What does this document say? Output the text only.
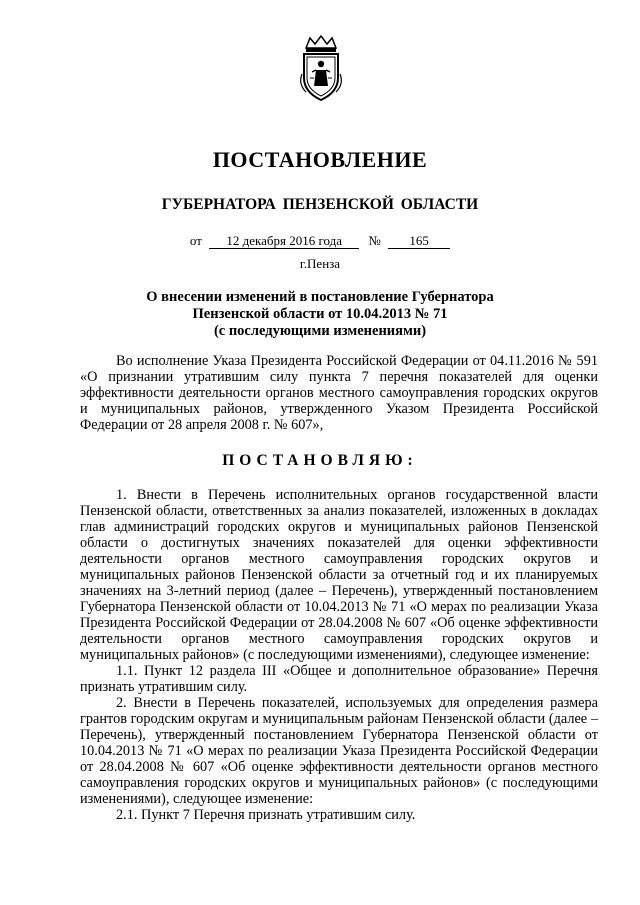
ПОСТАНОВЛЕНИЕ
ГУБЕРНАТОРА ПЕНЗЕНСКОЙ ОБЛАСТИ
от 12 декабря 2016 года № 165
г.Пенза
О внесении изменений в постановление Губернатора
Пензенской области от 10.04.2013 № 71
(с последующими изменениями)

Во исполнение Указа Президента Российской Федерации от 04.11.2016 № 591 «О признании утратившим силу пункта 7 перечня показателей для оценки эффективности деятельности органов местного самоуправления городских округов и муниципальных районов, утвержденного Указом Президента Российской Федерации от 28 апреля 2008 г. № 607»,

ПОСТАНОВЛЯЮ:

1. Внести в Перечень исполнительных органов государственной власти Пензенской области, ответственных за анализ показателей, изложенных в докладах глав администраций городских округов и муниципальных районов Пензенской области о достигнутых значениях показателей для оценки эффективности деятельности органов местного самоуправления городских округов и муниципальных районов Пензенской области за отчетный год и их планируемых значениях на 3-летний период (далее – Перечень), утвержденный постановлением Губернатора Пензенской области от 10.04.2013 № 71 «О мерах по реализации Указа Президента Российской Федерации от 28.04.2008 № 607 «Об оценке эффективности деятельности органов местного самоуправления городских округов и муниципальных районов» (с последующими изменениями), следующее изменение:

1.1. Пункт 12 раздела III «Общее и дополнительное образование» Перечня признать утратившим силу.

2. Внести в Перечень показателей, используемых для определения размера грантов городским округам и муниципальным районам Пензенской области (далее – Перечень), утвержденный постановлением Губернатора Пензенской области от 10.04.2013 № 71 «О мерах по реализации Указа Президента Российской Федерации от 28.04.2008 № 607 «Об оценке эффективности деятельности органов местного самоуправления городских округов и муниципальных районов» (с последующими изменениями), следующее изменение:

2.1. Пункт 7 Перечня признать утратившим силу.
